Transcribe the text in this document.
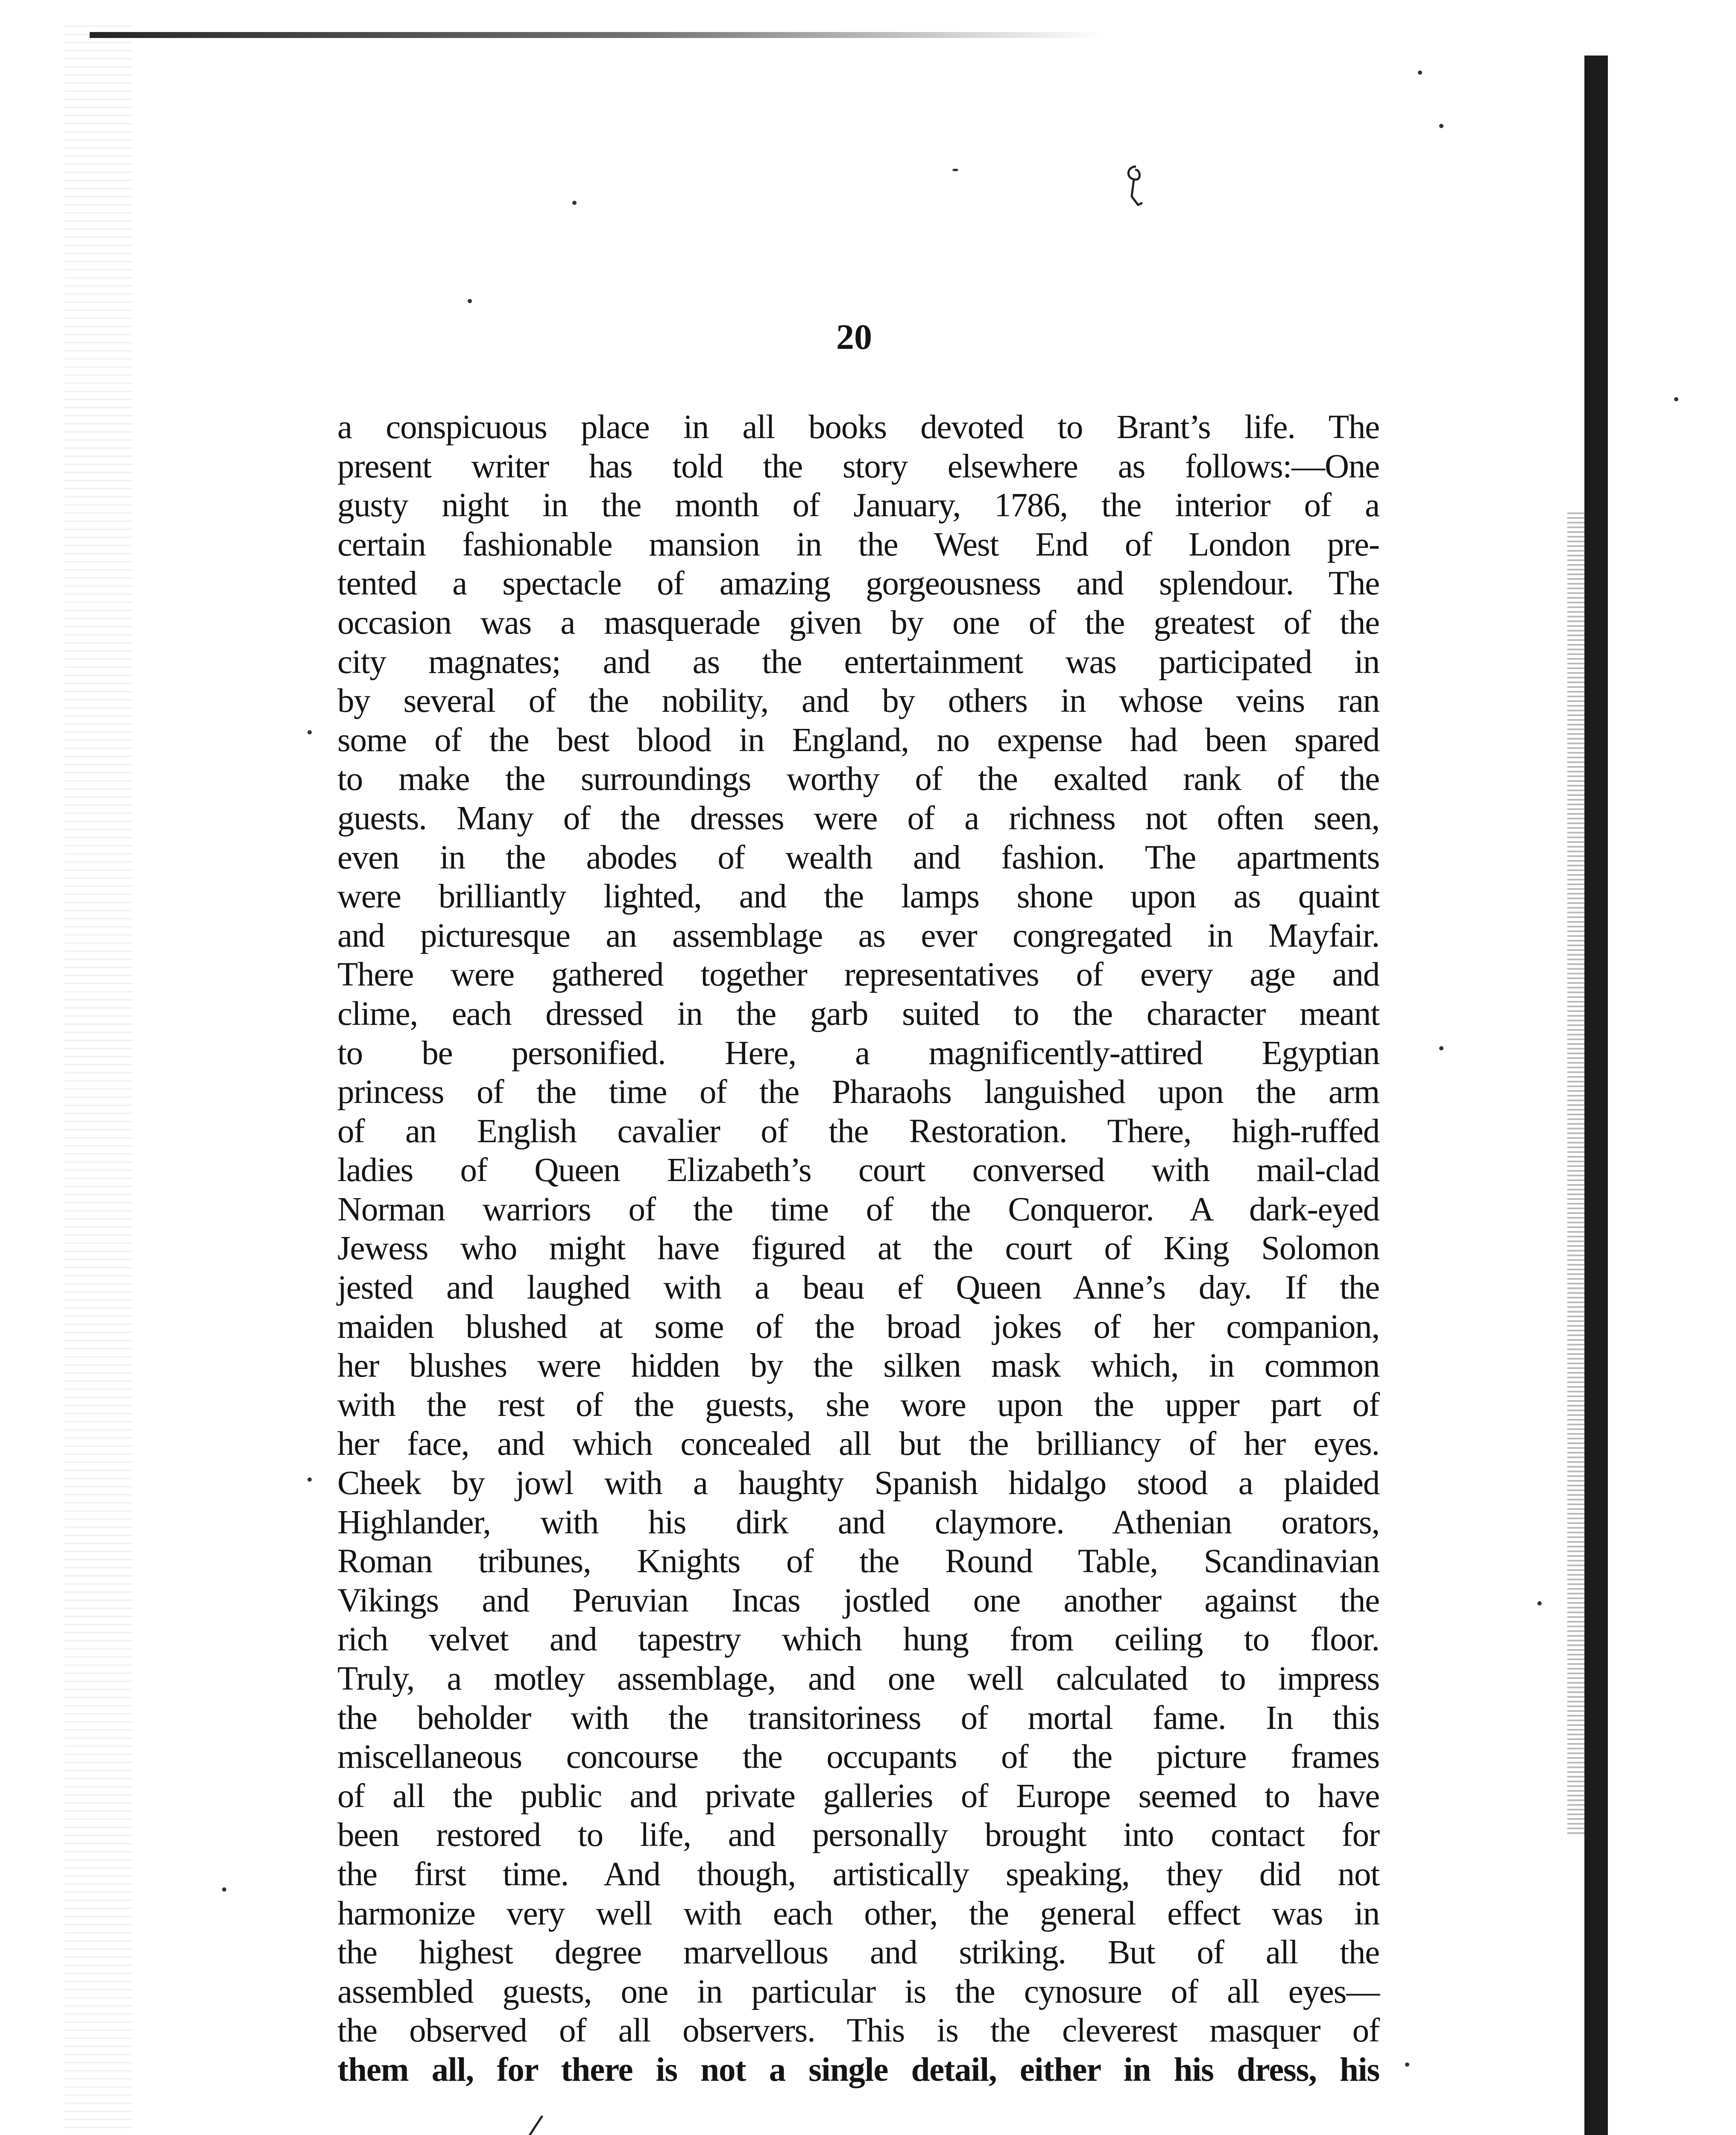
20
a conspicuous place in all books devoted to Brant’s life. The
present writer has told the story elsewhere as follows:—One
gusty night in the month of January, 1786, the interior of a
certain fashionable mansion in the West End of London pre-
tented a spectacle of amazing gorgeousness and splendour. The
occasion was a masquerade given by one of the greatest of the
city magnates; and as the entertainment was participated in
by several of the nobility, and by others in whose veins ran
some of the best blood in England, no expense had been spared
to make the surroundings worthy of the exalted rank of the
guests. Many of the dresses were of a richness not often seen,
even in the abodes of wealth and fashion. The apartments
were brilliantly lighted, and the lamps shone upon as quaint
and picturesque an assemblage as ever congregated in Mayfair.
There were gathered together representatives of every age and
clime, each dressed in the garb suited to the character meant
to be personified. Here, a magnificently-attired Egyptian
princess of the time of the Pharaohs languished upon the arm
of an English cavalier of the Restoration. There, high-ruffed
ladies of Queen Elizabeth’s court conversed with mail-clad
Norman warriors of the time of the Conqueror. A dark-eyed
Jewess who might have figured at the court of King Solomon
jested and laughed with a beau ef Queen Anne’s day. If the
maiden blushed at some of the broad jokes of her companion,
her blushes were hidden by the silken mask which, in common
with the rest of the guests, she wore upon the upper part of
her face, and which concealed all but the brilliancy of her eyes.
Cheek by jowl with a haughty Spanish hidalgo stood a plaided
Highlander, with his dirk and claymore. Athenian orators,
Roman tribunes, Knights of the Round Table, Scandinavian
Vikings and Peruvian Incas jostled one another against the
rich velvet and tapestry which hung from ceiling to floor.
Truly, a motley assemblage, and one well calculated to impress
the beholder with the transitoriness of mortal fame. In this
miscellaneous concourse the occupants of the picture frames
of all the public and private galleries of Europe seemed to have
been restored to life, and personally brought into contact for
the first time. And though, artistically speaking, they did not
harmonize very well with each other, the general effect was in
the highest degree marvellous and striking. But of all the
assembled guests, one in particular is the cynosure of all eyes—
the observed of all observers. This is the cleverest masquer of
them all, for there is not a single detail, either in his dress, his
